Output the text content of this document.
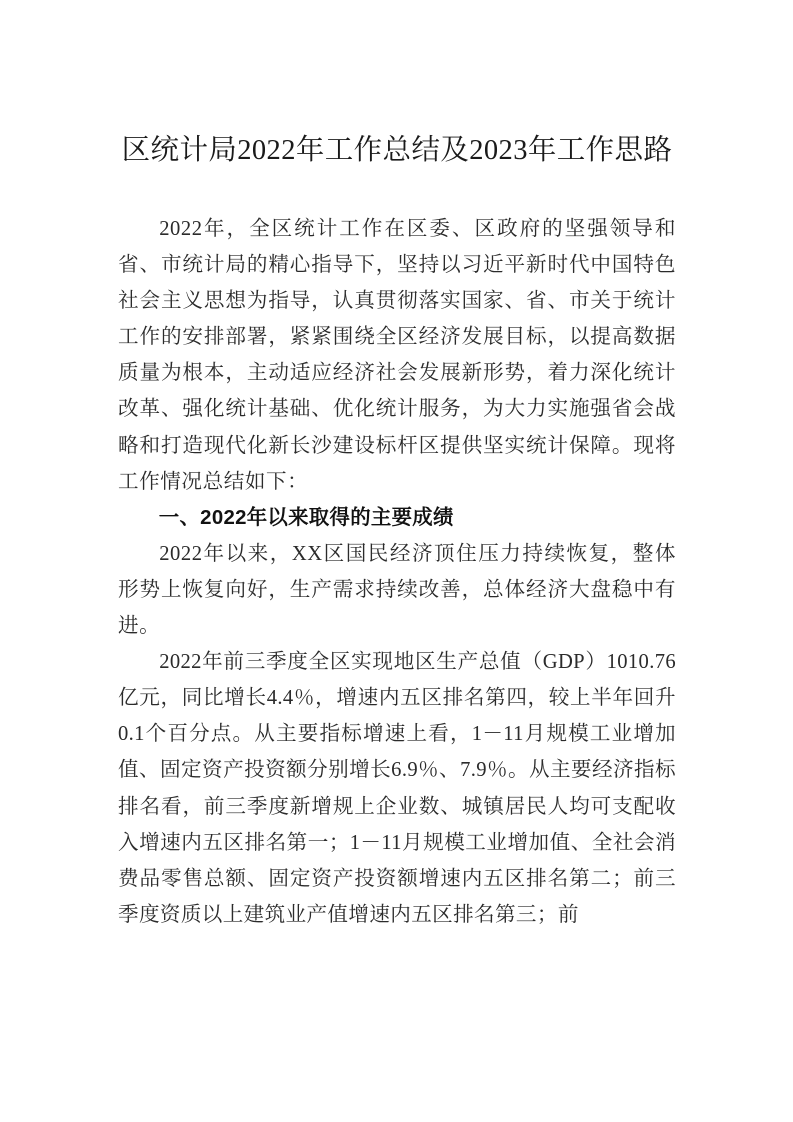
区统计局2022年工作总结及2023年工作思路

2022年，全区统计工作在区委、区政府的坚强领导和省、市统计局的精心指导下，坚持以习近平新时代中国特色社会主义思想为指导，认真贯彻落实国家、省、市关于统计工作的安排部署，紧紧围绕全区经济发展目标，以提高数据质量为根本，主动适应经济社会发展新形势，着力深化统计改革、强化统计基础、优化统计服务，为大力实施强省会战略和打造现代化新长沙建设标杆区提供坚实统计保障。现将工作情况总结如下：

一、2022年以来取得的主要成绩

2022年以来，XX区国民经济顶住压力持续恢复，整体形势上恢复向好，生产需求持续改善，总体经济大盘稳中有进。

2022年前三季度全区实现地区生产总值（GDP）1010.76亿元，同比增长4.4％，增速内五区排名第四，较上半年回升0.1个百分点。从主要指标增速上看，1－11月规模工业增加值、固定资产投资额分别增长6.9％、7.9％。从主要经济指标排名看，前三季度新增规上企业数、城镇居民人均可支配收入增速内五区排名第一；1－11月规模工业增加值、全社会消费品零售总额、固定资产投资额增速内五区排名第二；前三季度资质以上建筑业产值增速内五区排名第三；前
